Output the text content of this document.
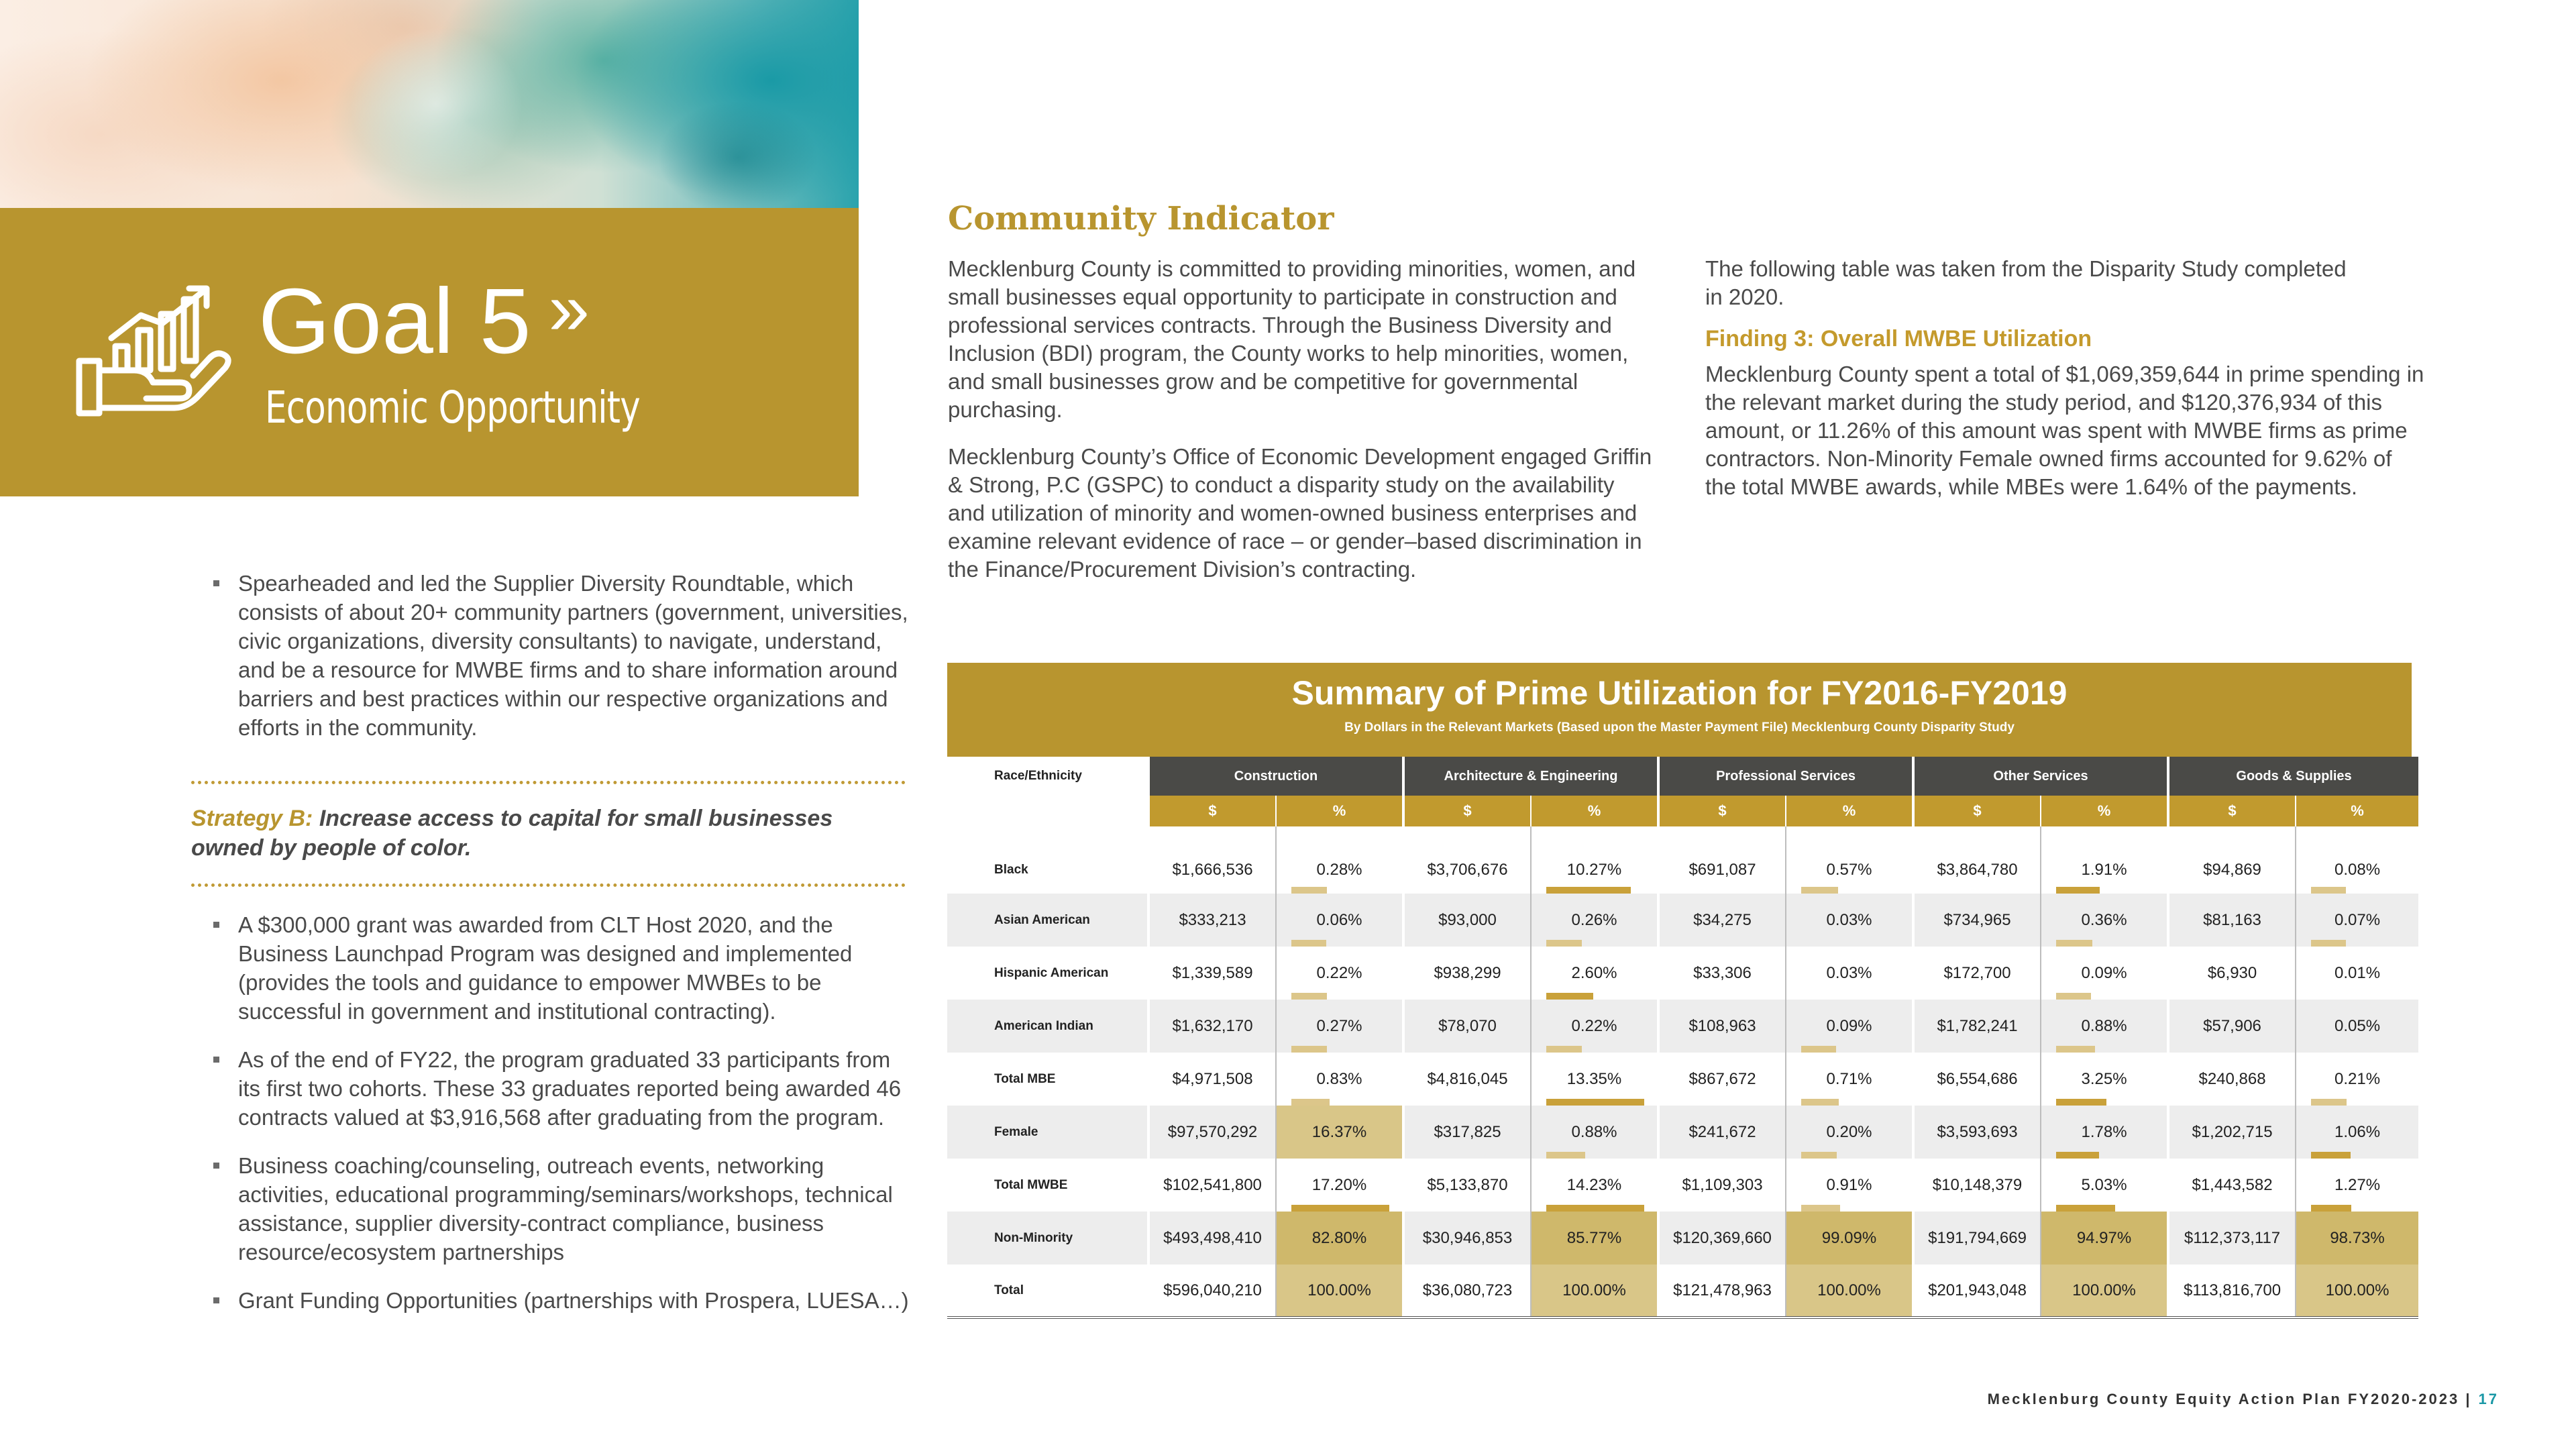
Goal 5 »
Economic Opportunity
Spearheaded and led the Supplier Diversity Roundtable, which consists of about 20+ community partners (government, universities, civic organizations, diversity consultants) to navigate, understand, and be a resource for MWBE firms and to share information around barriers and best practices within our respective organizations and efforts in the community.
Strategy B: Increase access to capital for small businesses owned by people of color.
A $300,000 grant was awarded from CLT Host 2020, and the Business Launchpad Program was designed and implemented (provides the tools and guidance to empower MWBEs to be successful in government and institutional contracting).
As of the end of FY22, the program graduated 33 participants from its first two cohorts. These 33 graduates reported being awarded 46 contracts valued at $3,916,568 after graduating from the program.
Business coaching/counseling, outreach events, networking activities, educational programming/seminars/workshops, technical assistance, supplier diversity-contract compliance, business resource/ecosystem partnerships
Grant Funding Opportunities (partnerships with Prospera, LUESA…)
Community Indicator

Mecklenburg County is committed to providing minorities, women, and small businesses equal opportunity to participate in construction and professional services contracts. Through the Business Diversity and Inclusion (BDI) program, the County works to help minorities, women, and small businesses grow and be competitive for governmental purchasing.

Mecklenburg County’s Office of Economic Development engaged Griffin & Strong, P.C (GSPC) to conduct a disparity study on the availability and utilization of minority and women-owned business enterprises and examine relevant evidence of race – or gender–based discrimination in the Finance/Procurement Division’s contracting.

The following table was taken from the Disparity Study completed in 2020.

Finding 3: Overall MWBE Utilization

Mecklenburg County spent a total of $1,069,359,644 in prime spending in the relevant market during the study period, and $120,376,934 of this amount, or 11.26% of this amount was spent with MWBE firms as prime contractors. Non-Minority Female owned firms accounted for 9.62% of the total MWBE awards, while MBEs were 1.64% of the payments.

Summary of Prime Utilization for FY2016-FY2019
By Dollars in the Relevant Markets (Based upon the Master Payment File) Mecklenburg County Disparity Study
Race/Ethnicity	Construction		Architecture & Engineering		Professional Services		Other Services		Goods & Supplies	
	$	%	$	%	$	%	$	%	$	%
Black	$1,666,536	0.28%	$3,706,676	10.27%	$691,087	0.57%	$3,864,780	1.91%	$94,869	0.08%

Asian American	$333,213	0.06%	$93,000	0.26%	$34,275	0.03%	$734,965	0.36%	$81,163	0.07%

Hispanic American	$1,339,589	0.22%	$938,299	2.60%	$33,306	0.03%	$172,700	0.09%	$6,930	0.01%
American Indian	$1,632,170	0.27%	$78,070	0.22%	$108,963	0.09%	$1,782,241	0.88%	$57,906	0.05%
Total MBE	$4,971,508	0.83%	$4,816,045	13.35%	$867,672	0.71%	$6,554,686	3.25%	$240,868	0.21%

Female	$97,570,292	16.37%	$317,825	0.88%	$241,672	0.20%	$3,593,693	1.78%	$1,202,715	1.06%

Total MWBE	$102,541,800	17.20%	$5,133,870	14.23%	$1,109,303	0.91%	$10,148,379	5.03%	$1,443,582	1.27%

Non-Minority	$493,498,410	82.80%	$30,946,853	85.77%	$120,369,660	99.09%	$191,794,669	94.97%	$112,373,117	98.73%
Total	$596,040,210	100.00%	$36,080,723	100.00%	$121,478,963	100.00%	$201,943,048	100.00%	$113,816,700	100.00%

Mecklenburg County Equity Action Plan FY2020-2023 | 17
